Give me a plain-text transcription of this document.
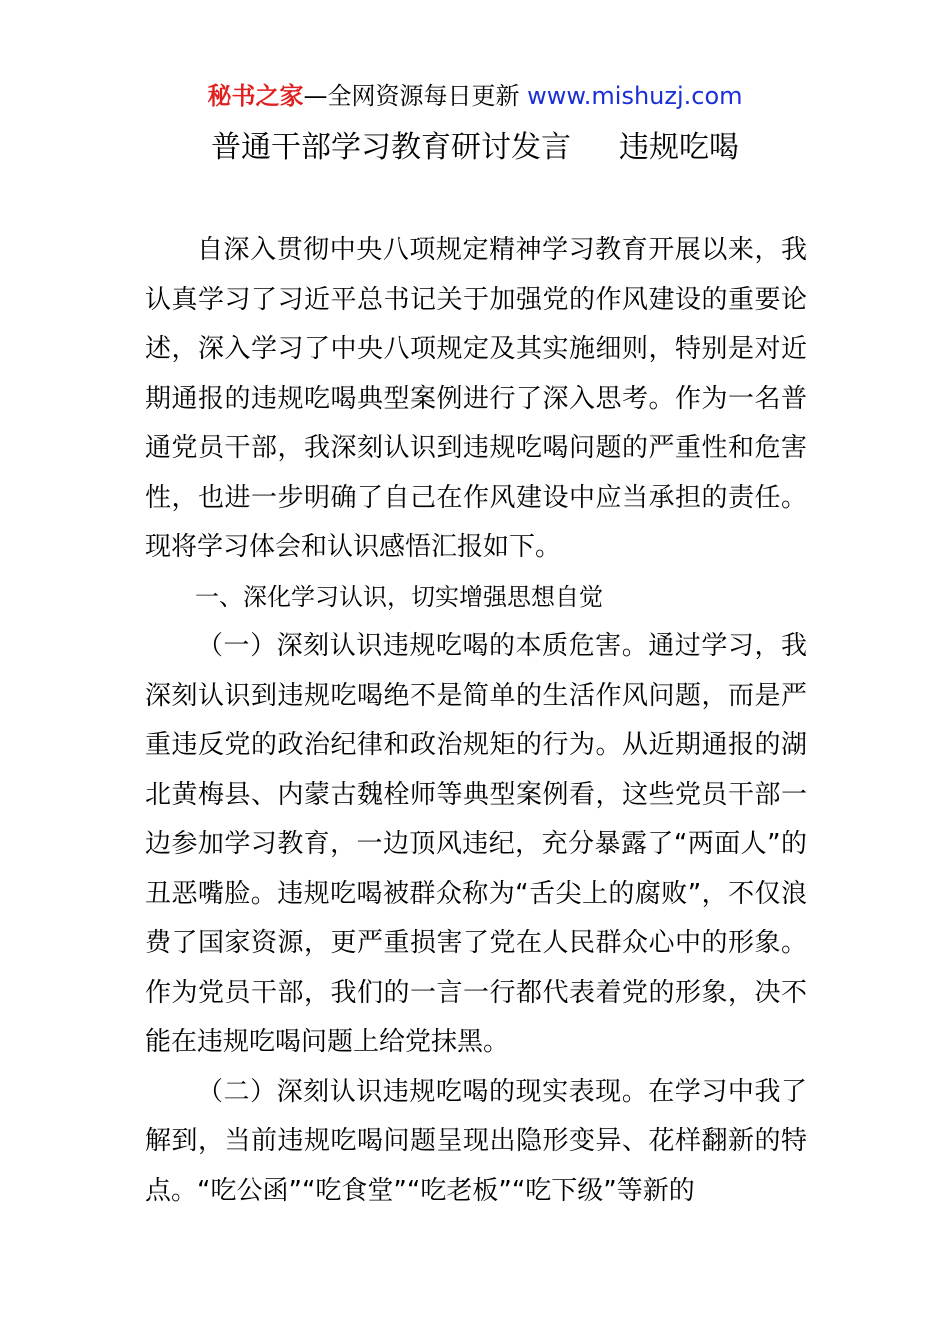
秘书之家—全网资源每日更新 www.mishuzj.com
普通干部学习教育研讨发言 违规吃喝

自深入贯彻中央八项规定精神学习教育开展以来，我认真学习了习近平总书记关于加强党的作风建设的重要论述，深入学习了中央八项规定及其实施细则，特别是对近期通报的违规吃喝典型案例进行了深入思考。作为一名普通党员干部，我深刻认识到违规吃喝问题的严重性和危害性，也进一步明确了自己在作风建设中应当承担的责任。现将学习体会和认识感悟汇报如下。

一、深化学习认识，切实增强思想自觉

（一）深刻认识违规吃喝的本质危害。通过学习，我深刻认识到违规吃喝绝不是简单的生活作风问题，而是严重违反党的政治纪律和政治规矩的行为。从近期通报的湖北黄梅县、内蒙古魏栓师等典型案例看，这些党员干部一边参加学习教育，一边顶风违纪，充分暴露了“两面人”的丑恶嘴脸。违规吃喝被群众称为“舌尖上的腐败”，不仅浪费了国家资源，更严重损害了党在人民群众心中的形象。作为党员干部，我们的一言一行都代表着党的形象，决不能在违规吃喝问题上给党抹黑。

（二）深刻认识违规吃喝的现实表现。在学习中我了解到，当前违规吃喝问题呈现出隐形变异、花样翻新的特点。“吃公函”“吃食堂”“吃老板”“吃下级”等新的
